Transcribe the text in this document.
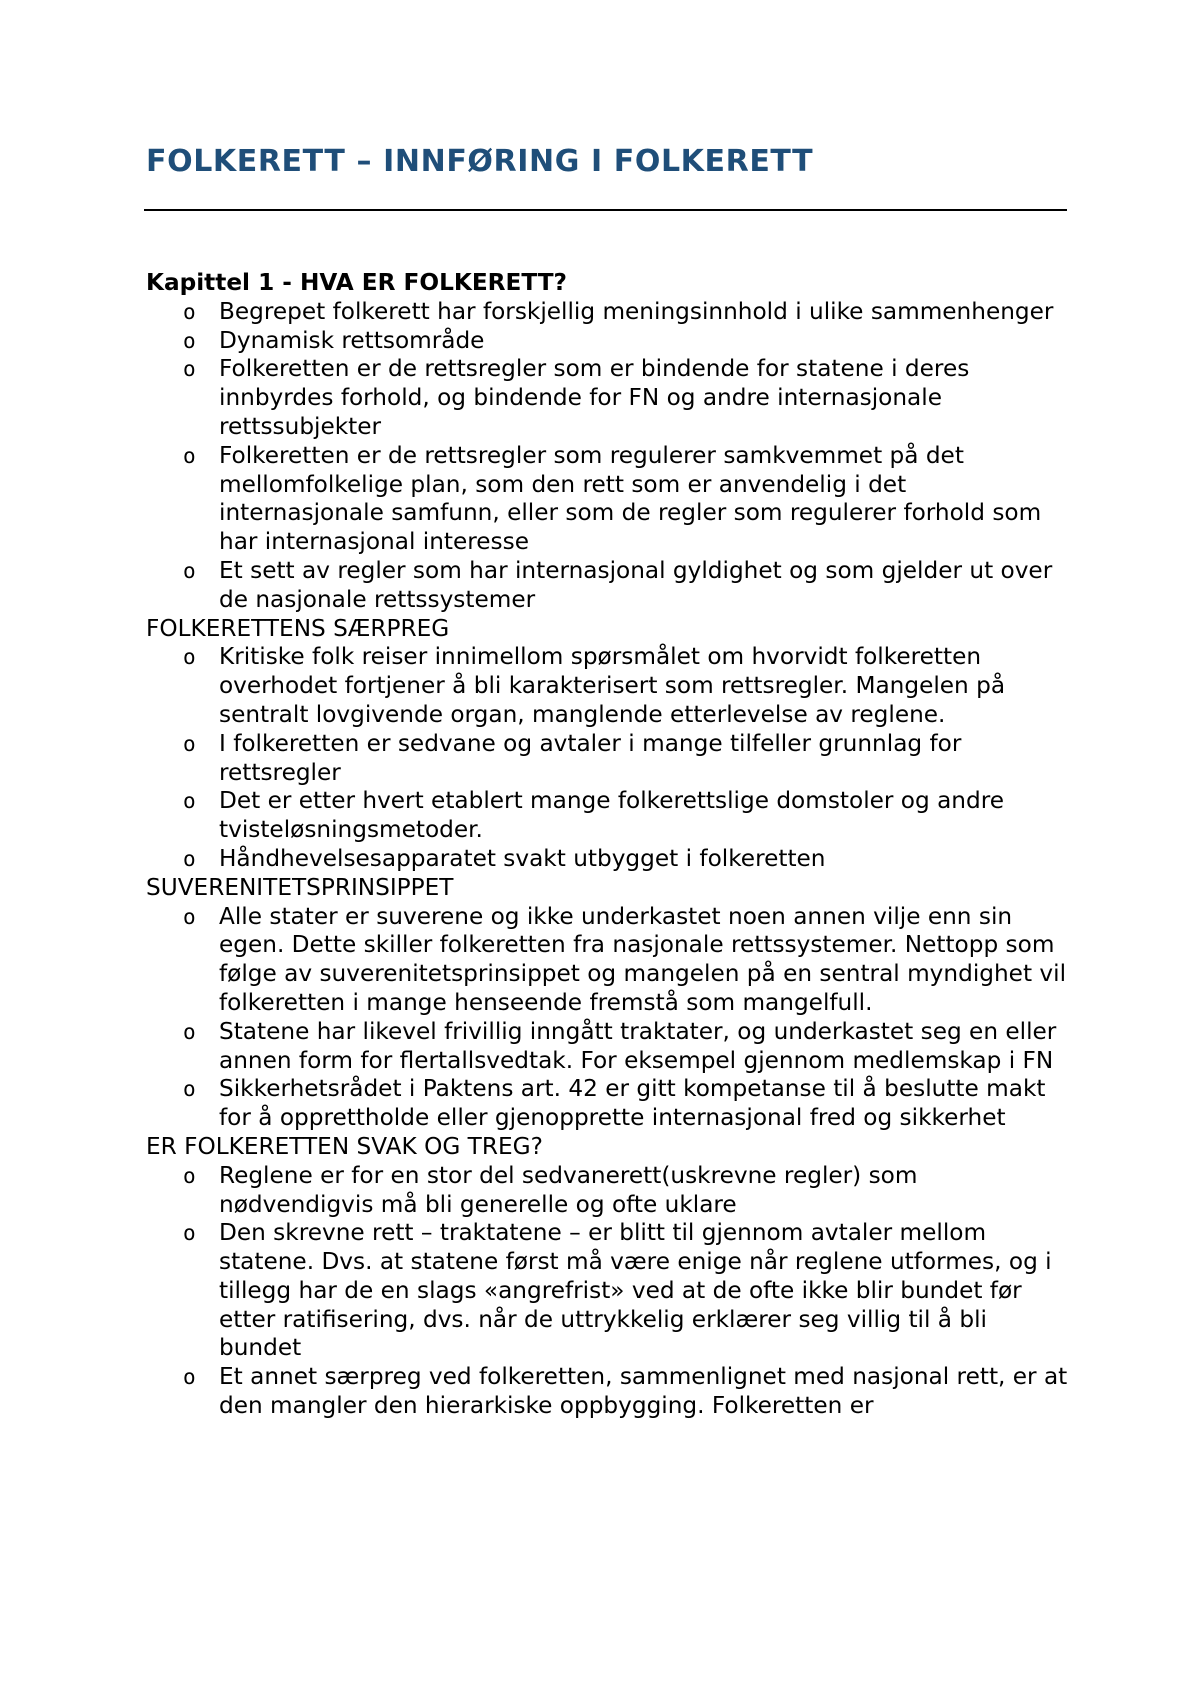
FOLKERETT – INNFØRING I FOLKERETT

Kapittel 1 - HVA ER FOLKERETT?

o Begrepet folkerett har forskjellig meningsinnhold i ulike sammenhenger
o Dynamisk rettsområde
o Folkeretten er de rettsregler som er bindende for statene i deres innbyrdes forhold, og bindende for FN og andre internasjonale rettssubjekter
o Folkeretten er de rettsregler som regulerer samkvemmet på det mellomfolkelige plan, som den rett som er anvendelig i det internasjonale samfunn, eller som de regler som regulerer forhold som har internasjonal interesse
o Et sett av regler som har internasjonal gyldighet og som gjelder ut over de nasjonale rettssystemer

FOLKERETTENS SÆRPREG

o Kritiske folk reiser innimellom spørsmålet om hvorvidt folkeretten overhodet fortjener å bli karakterisert som rettsregler. Mangelen på sentralt lovgivende organ, manglende etterlevelse av reglene.
o I folkeretten er sedvane og avtaler i mange tilfeller grunnlag for rettsregler
o Det er etter hvert etablert mange folkerettslige domstoler og andre tvisteløsningsmetoder.
o Håndhevelsesapparatet svakt utbygget i folkeretten

SUVERENITETSPRINSIPPET

o Alle stater er suverene og ikke underkastet noen annen vilje enn sin egen. Dette skiller folkeretten fra nasjonale rettssystemer. Nettopp som følge av suverenitetsprinsippet og mangelen på en sentral myndighet vil folkeretten i mange henseende fremstå som mangelfull.
o Statene har likevel frivillig inngått traktater, og underkastet seg en eller annen form for flertallsvedtak. For eksempel gjennom medlemskap i FN
o Sikkerhetsrådet i Paktens art. 42 er gitt kompetanse til å beslutte makt for å opprettholde eller gjenopprette internasjonal fred og sikkerhet

ER FOLKERETTEN SVAK OG TREG?

o Reglene er for en stor del sedvanerett(uskrevne regler) som nødvendigvis må bli generelle og ofte uklare
o Den skrevne rett – traktatene – er blitt til gjennom avtaler mellom statene. Dvs. at statene først må være enige når reglene utformes, og i tillegg har de en slags «angrefrist» ved at de ofte ikke blir bundet før etter ratifisering, dvs. når de uttrykkelig erklærer seg villig til å bli bundet
o Et annet særpreg ved folkeretten, sammenlignet med nasjonal rett, er at den mangler den hierarkiske oppbygging. Folkeretten er
